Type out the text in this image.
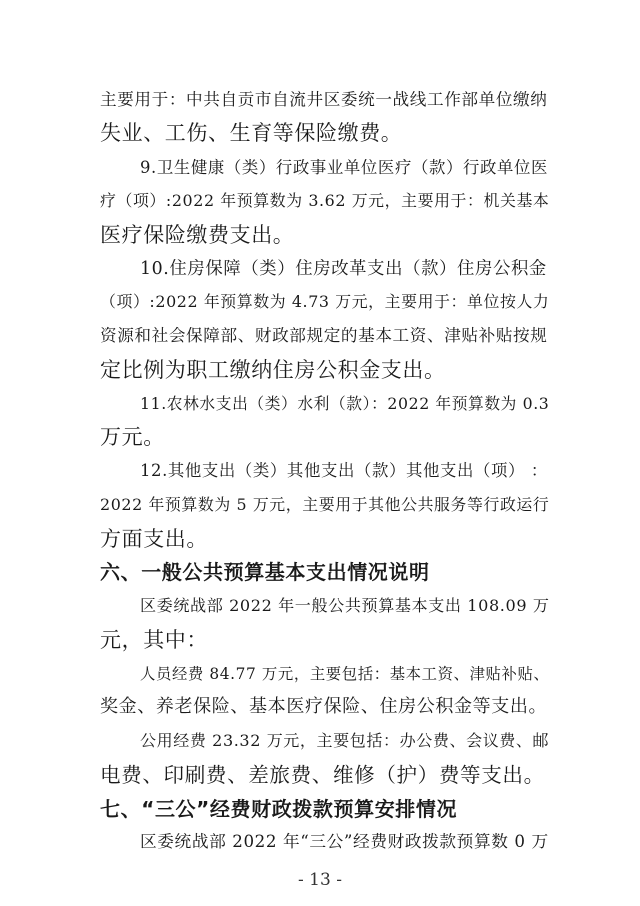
主要用于：中共自贡市自流井区委统一战线工作部单位缴纳
失业、工伤、生育等保险缴费。
9.卫生健康（类）行政事业单位医疗（款）行政单位医
疗（项）:2022 年预算数为 3.62 万元，主要用于：机关基本
医疗保险缴费支出。
10.住房保障（类）住房改革支出（款）住房公积金
（项）:2022 年预算数为 4.73 万元，主要用于：单位按人力
资源和社会保障部、财政部规定的基本工资、津贴补贴按规
定比例为职工缴纳住房公积金支出。
11.农林水支出（类）水利（款）：2022 年预算数为 0.3
万元。
12.其他支出（类）其他支出（款）其他支出（项） ：
2022 年预算数为 5 万元，主要用于其他公共服务等行政运行
方面支出。
六、一般公共预算基本支出情况说明
区委统战部 2022 年一般公共预算基本支出 108.09 万
元，其中：
人员经费 84.77 万元，主要包括：基本工资、津贴补贴、
奖金、养老保险、基本医疗保险、住房公积金等支出。
公用经费 23.32 万元，主要包括：办公费、会议费、邮
电费、印刷费、差旅费、维修（护）费等支出。
七、“三公”经费财政拨款预算安排情况
区委统战部 2022 年“三公”经费财政拨款预算数 0 万
- 13 -
